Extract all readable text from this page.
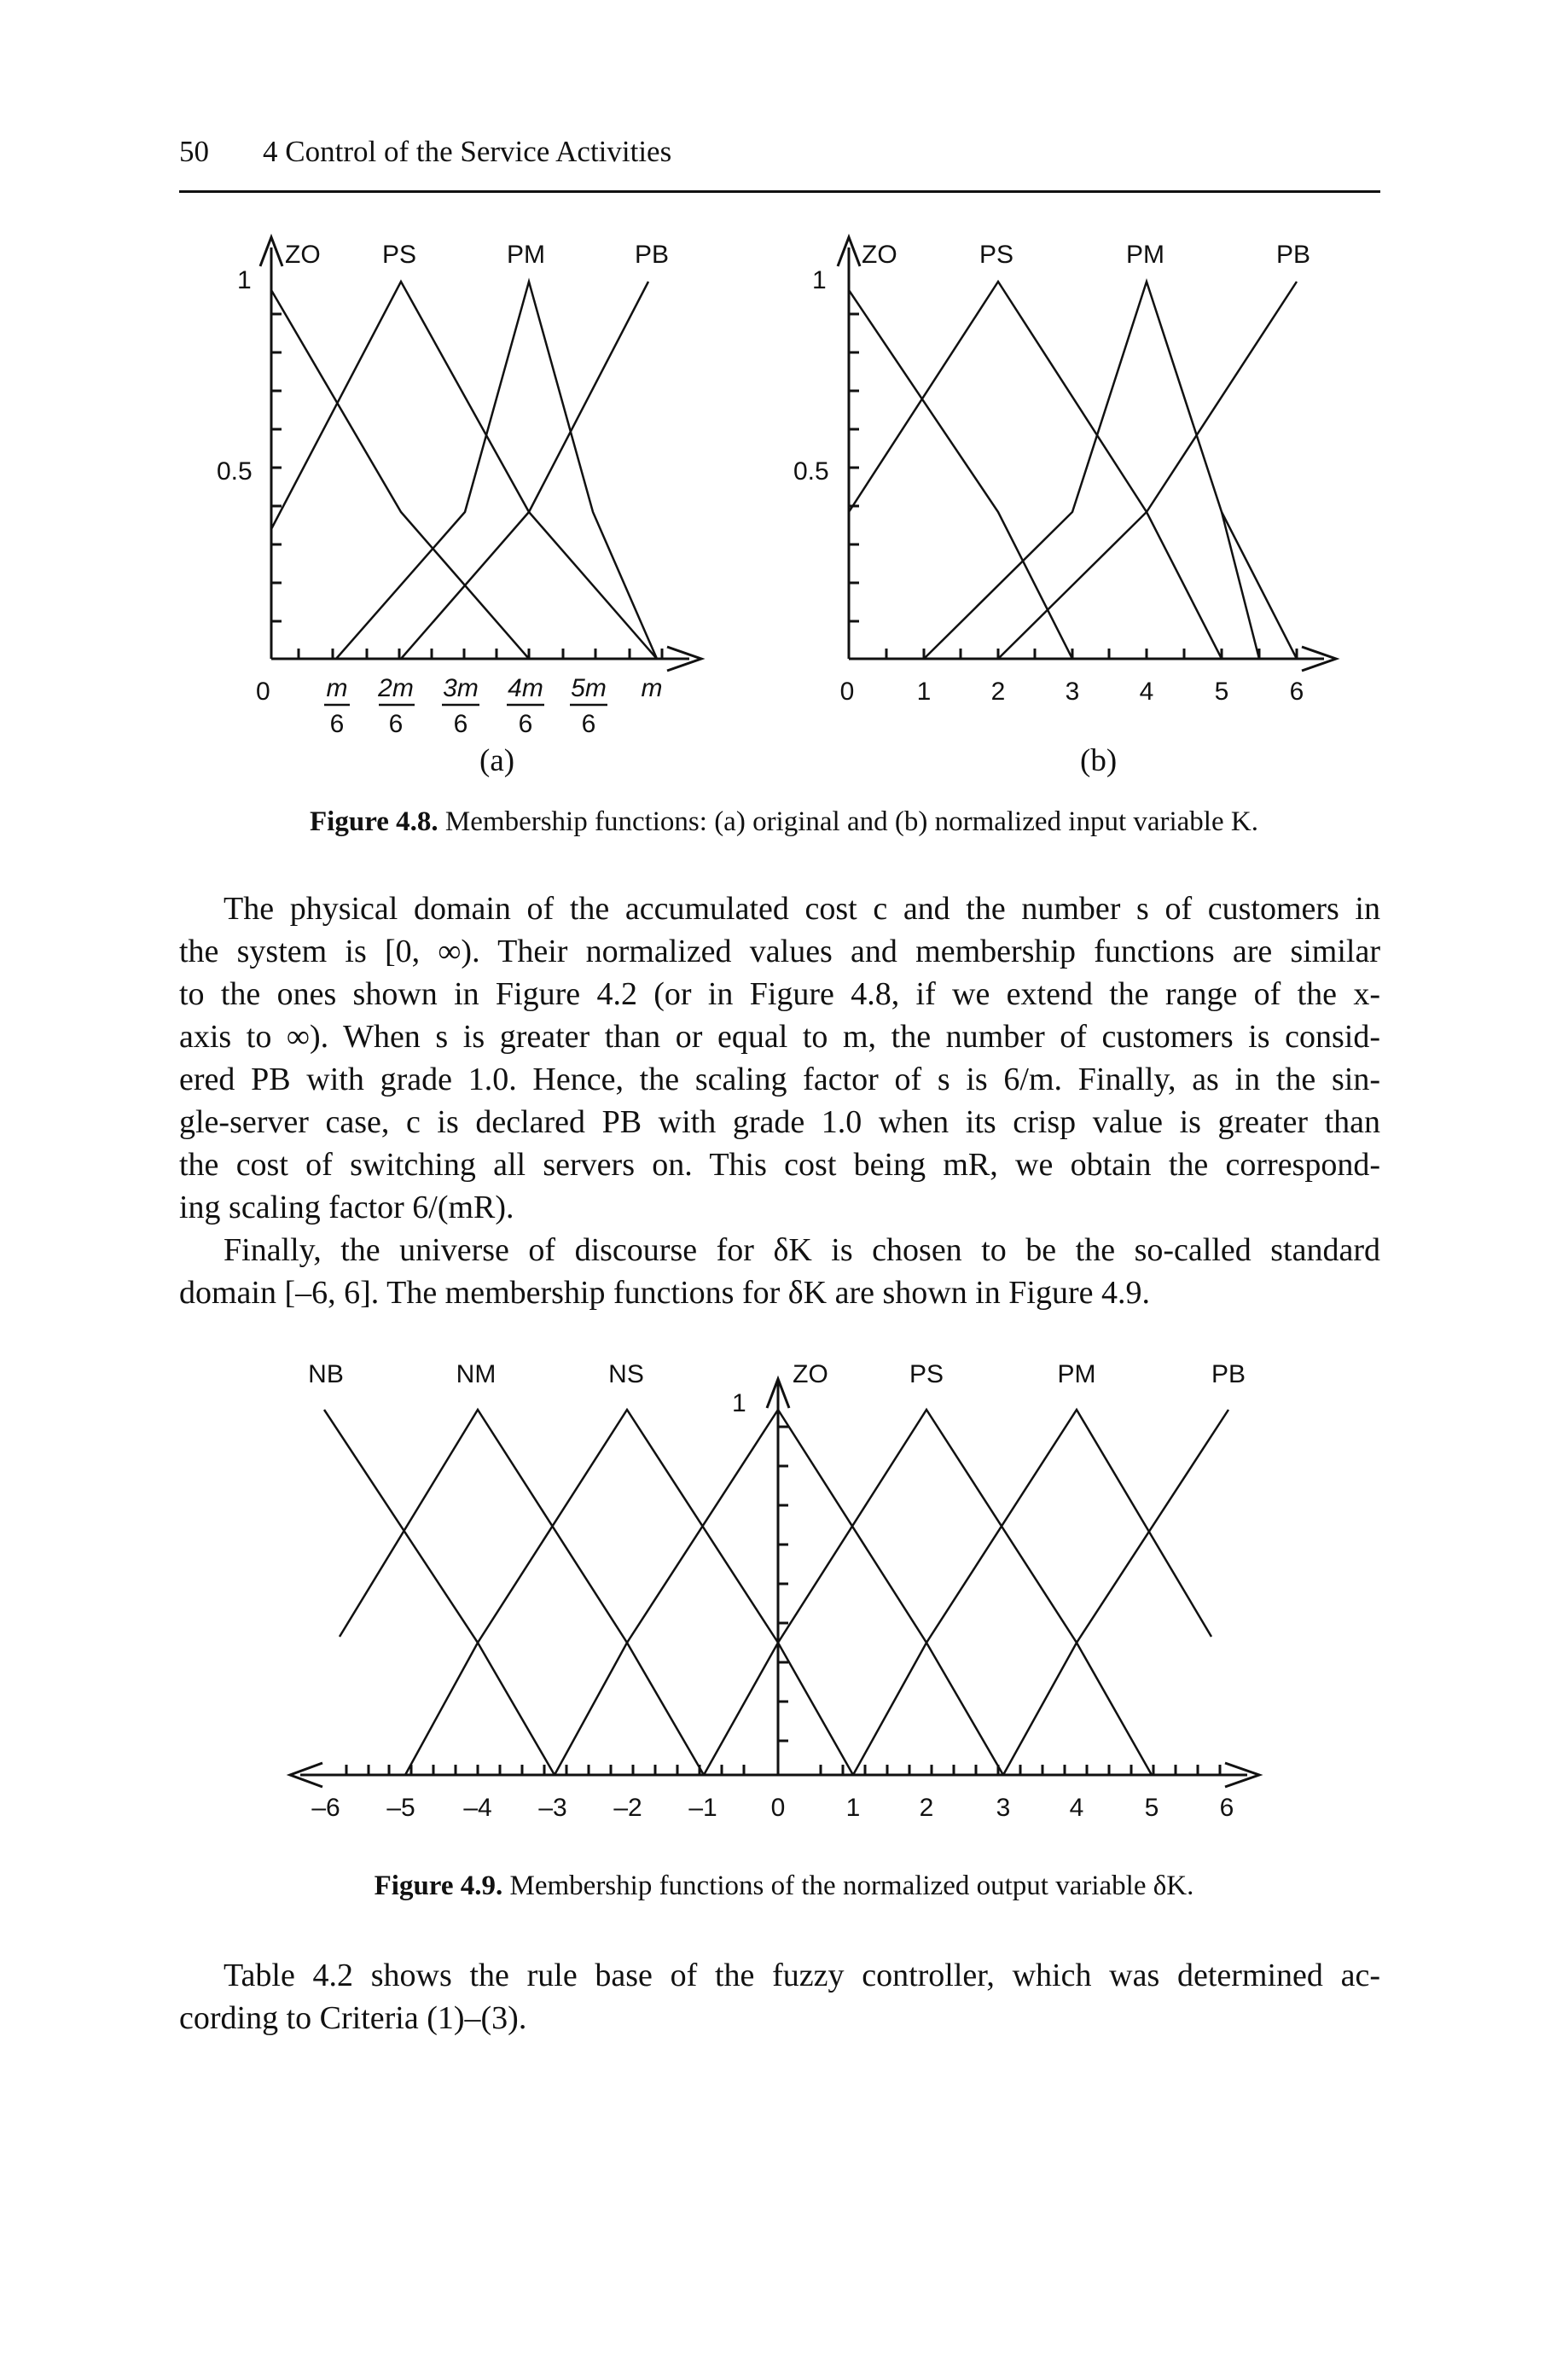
50 4 Control of the Service Activities
1
0.5
0
ZO PS	PM	PB
m
6
2m
6
3m
6
4m
6
5m
6
m
(a)
1
0.5
ZO	PS	PM	PB
0 1 2 3 4 5 6
(b)
Figure 4.8. Membership functions: (a) original and (b) normalized input variable K.
The physical domain of the accumulated cost c and the number s of customers in
the system is [0, ∞). Their normalized values and membership functions are similar
to the ones shown in Figure 4.2 (or in Figure 4.8, if we extend the range of the x-
axis to ∞). When s is greater than or equal to m, the number of customers is consid-
ered PB with grade 1.0. Hence, the scaling factor of s is 6/m. Finally, as in the sin-
gle-server case, c is declared PB with grade 1.0 when its crisp value is greater than
the cost of switching all servers on. This cost being mR, we obtain the correspond-
ing scaling factor 6/(mR).
Finally, the universe of discourse for δK is chosen to be the so-called standard
domain [–6, 6]. The membership functions for δK are shown in Figure 4.9.
1
NB	NM	NS	ZO	PS	PM	PB
–6 –5 –4 –3 –2 –1 0 1 2 3 4 5 6
Figure 4.9. Membership functions of the normalized output variable δK.
Table 4.2 shows the rule base of the fuzzy controller, which was determined ac-
cording to Criteria (1)–(3).
